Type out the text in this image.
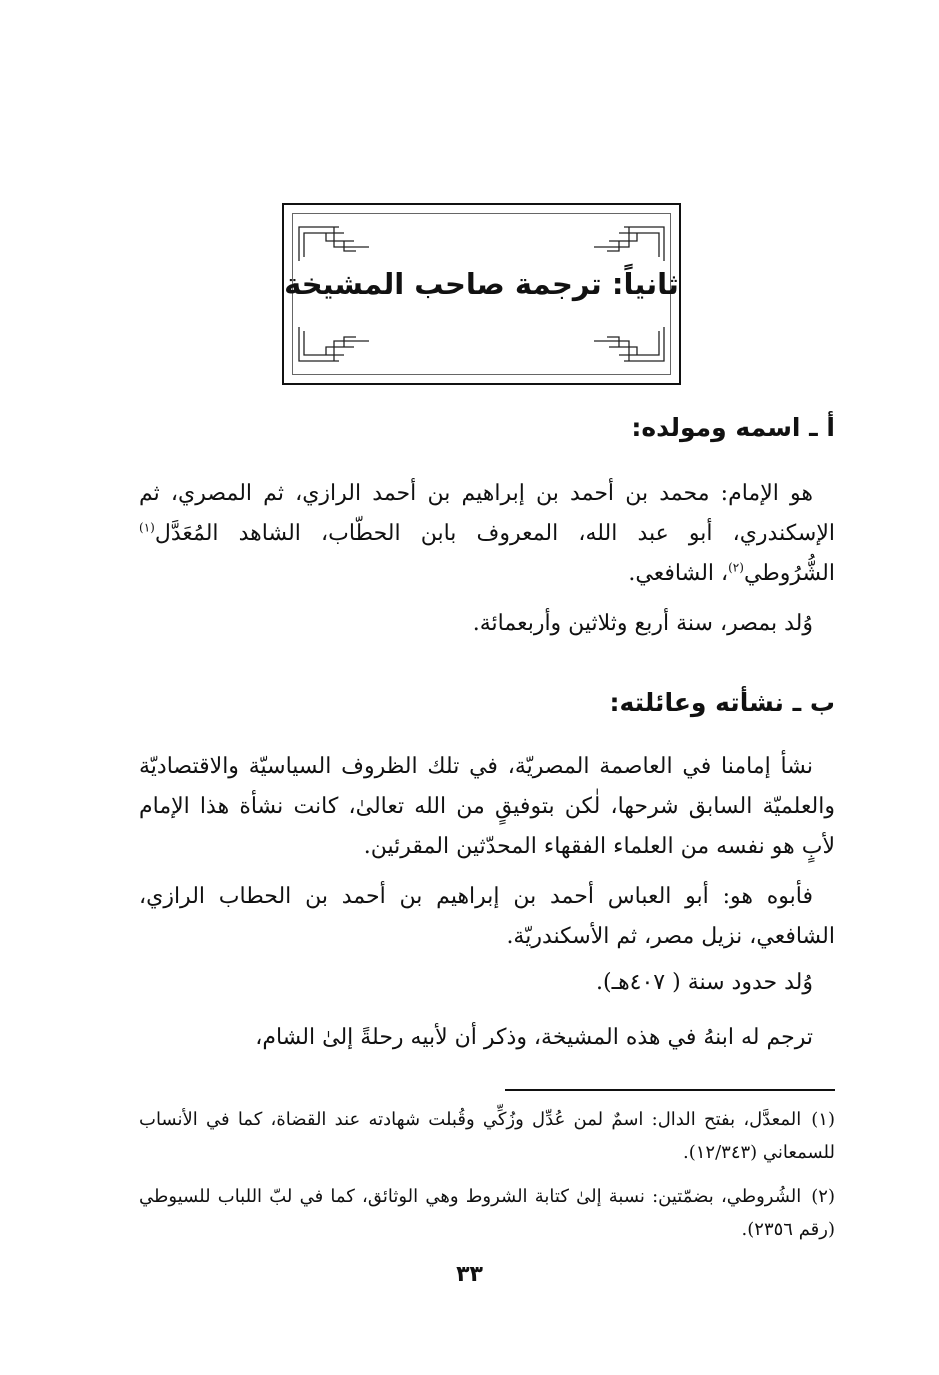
ثانياً: ترجمة صاحب المشيخة
أ ـ اسمه ومولده:
هو الإمام: محمد بن أحمد بن إبراهيم بن أحمد الرازي، ثم المصري، ثم الإسكندري، أبو عبد الله، المعروف بابن الحطّاب، الشاهد المُعَدَّل$^{(١)}$ الشُّرُوطي$^{(٢)}$، الشافعي.
وُلد بمصر، سنة أربع وثلاثين وأربعمائة.
ب ـ نشأته وعائلته:
نشأ إمامنا في العاصمة المصريّة، في تلك الظروف السياسيّة والاقتصاديّة والعلميّة السابق شرحها، لٰكن بتوفيقٍ من الله تعالىٰ، كانت نشأة هذا الإمام لأبٍ هو نفسه من العلماء الفقهاء المحدّثين المقرئين.
فأبوه هو: أبو العباس أحمد بن إبراهيم بن أحمد بن الحطاب الرازي، الشافعي، نزيل مصر، ثم الأسكندريّة.
وُلد حدود سنة ( ٤٠٧هـ).
ترجم له ابنهُ في هذه المشيخة، وذكر أن لأبيه رحلةً إلىٰ الشام،
(١)المعدَّل، بفتح الدال: اسمٌ لمن عُدِّل وزُكِّي وقُبلت شهادته عند القضاة، كما في الأنساب للسمعاني (١٢/٣٤٣).
(٢)الشُروطي، بضمّتين: نسبة إلىٰ كتابة الشروط وهي الوثائق، كما في لبّ اللباب للسيوطي (رقم ٢٣٥٦).
٣٣
